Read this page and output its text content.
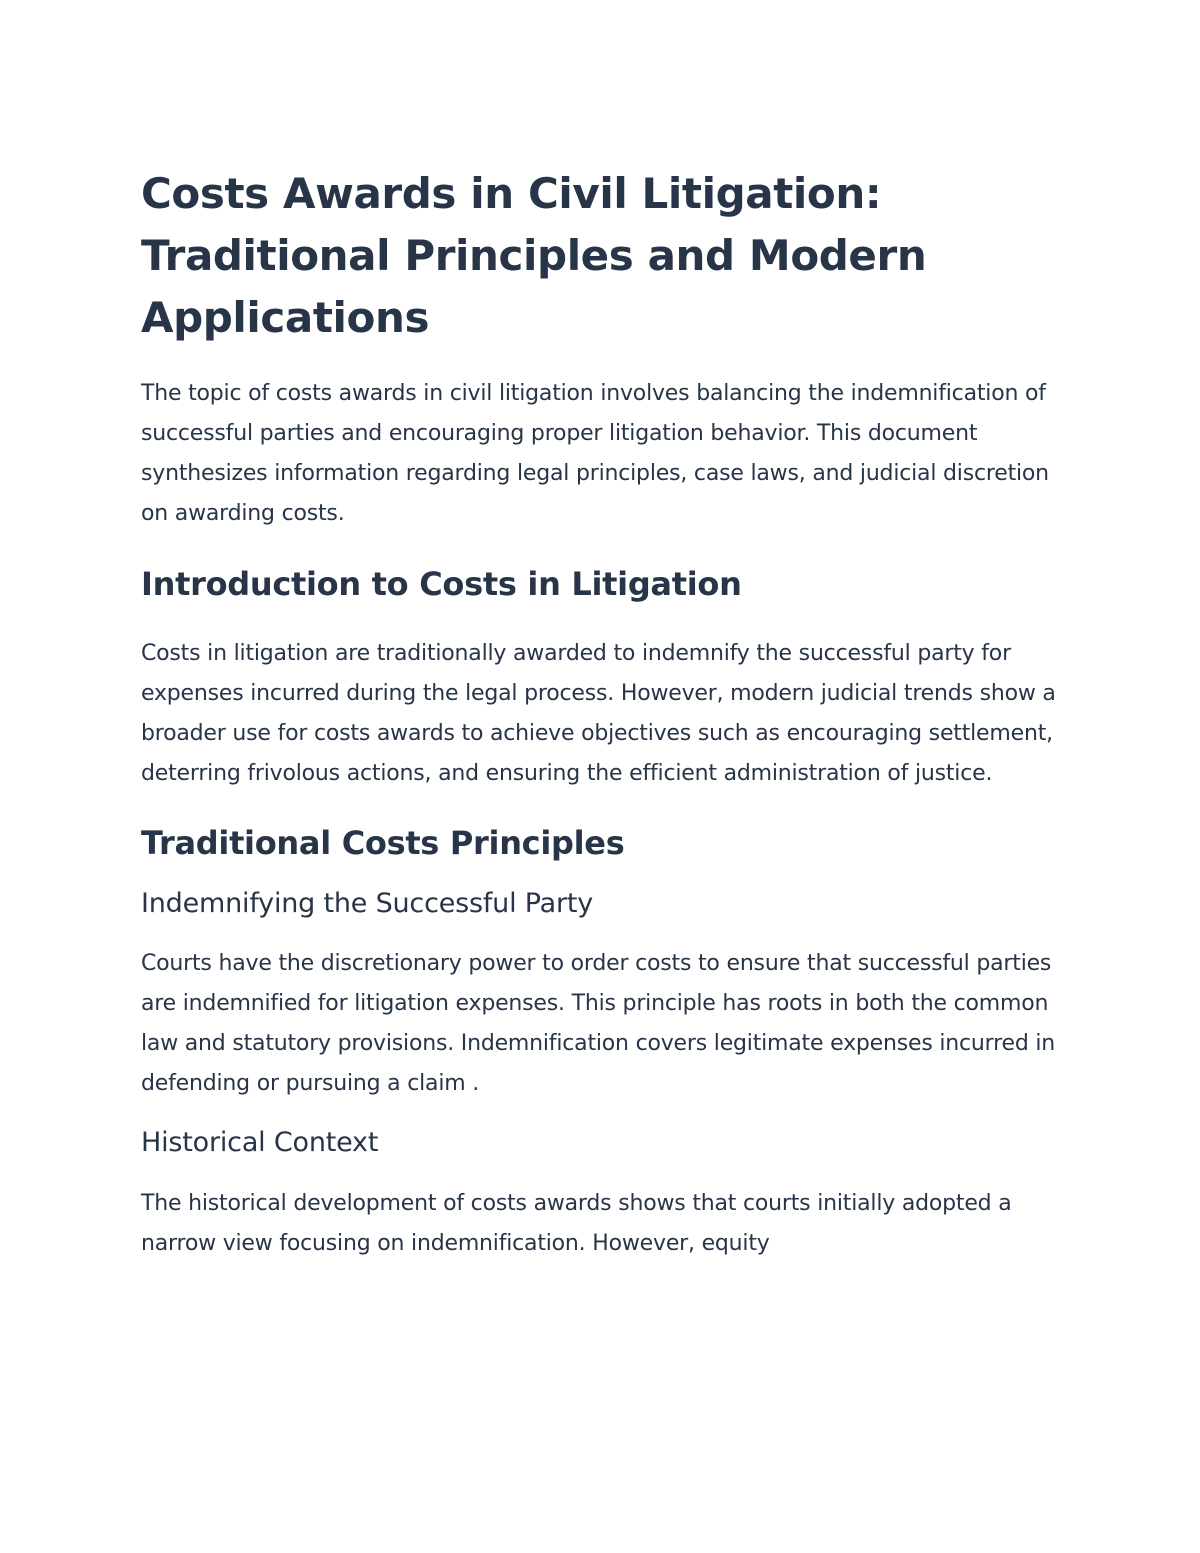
Costs Awards in Civil Litigation: Traditional Principles and Modern Applications

The topic of costs awards in civil litigation involves balancing the indemnification of successful parties and encouraging proper litigation behavior. This document synthesizes information regarding legal principles, case laws, and judicial discretion on awarding costs.

Introduction to Costs in Litigation

Costs in litigation are traditionally awarded to indemnify the successful party for expenses incurred during the legal process. However, modern judicial trends show a broader use for costs awards to achieve objectives such as encouraging settlement, deterring frivolous actions, and ensuring the efficient administration of justice.

Traditional Costs Principles
Indemnifying the Successful Party

Courts have the discretionary power to order costs to ensure that successful parties are indemnified for litigation expenses. This principle has roots in both the common law and statutory provisions. Indemnification covers legitimate expenses incurred in defending or pursuing a claim .

Historical Context

The historical development of costs awards shows that courts initially adopted a narrow view focusing on indemnification. However, equity
